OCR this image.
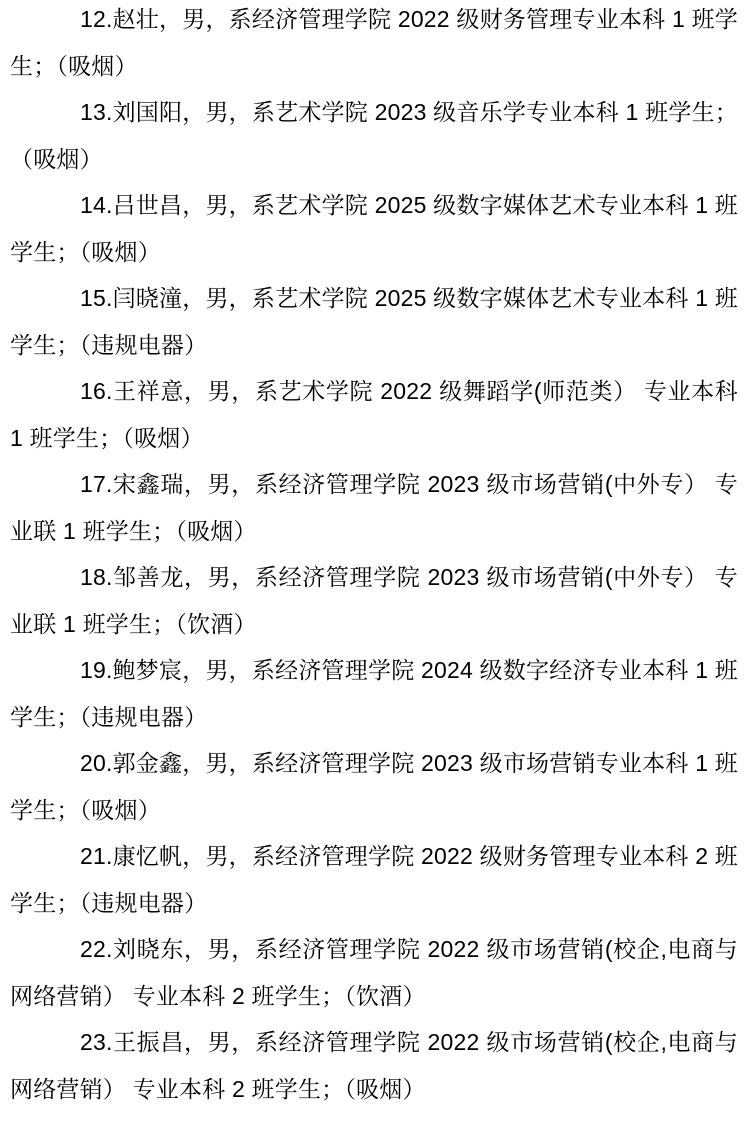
12.赵壮，男，系经济管理学院 2022 级财务管理专业本科 1 班学生；（吸烟）

13.刘国阳，男，系艺术学院 2023 级音乐学专业本科 1 班学生；（吸烟）

14.吕世昌，男，系艺术学院 2025 级数字媒体艺术专业本科 1 班学生；（吸烟）

15.闫晓潼，男，系艺术学院 2025 级数字媒体艺术专业本科 1 班学生；（违规电器）

16.王祥意，男，系艺术学院 2022 级舞蹈学(师范类） 专业本科 1 班学生；（吸烟）

17.宋鑫瑞，男，系经济管理学院 2023 级市场营销(中外专） 专业联 1 班学生；（吸烟）

18.邹善龙，男，系经济管理学院 2023 级市场营销(中外专） 专业联 1 班学生；（饮酒）

19.鲍梦宸，男，系经济管理学院 2024 级数字经济专业本科 1 班学生；（违规电器）

20.郭金鑫，男，系经济管理学院 2023 级市场营销专业本科 1 班学生；（吸烟）

21.康忆帆，男，系经济管理学院 2022 级财务管理专业本科 2 班学生；（违规电器）

22.刘晓东，男，系经济管理学院 2022 级市场营销(校企,电商与网络营销） 专业本科 2 班学生；（饮酒）

23.王振昌，男，系经济管理学院 2022 级市场营销(校企,电商与网络营销） 专业本科 2 班学生；（吸烟）
